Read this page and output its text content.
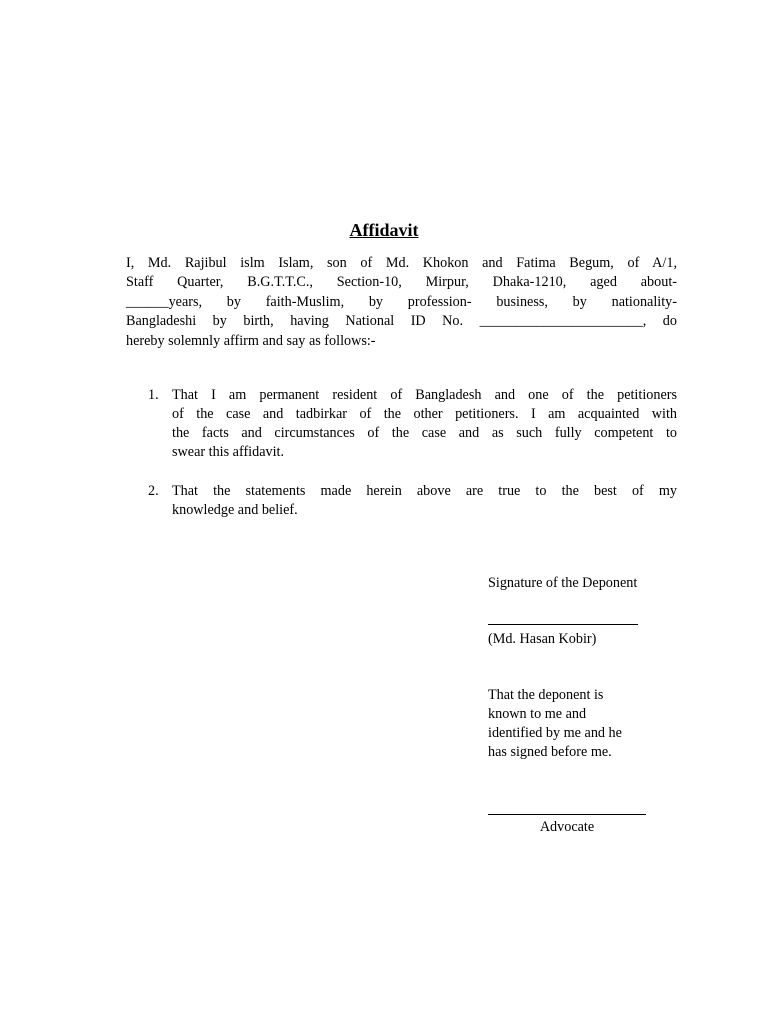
Affidavit
I, Md. Rajibul islm Islam, son of Md. Khokon and Fatima Begum, of A/1,
Staff Quarter, B.G.T.T.C., Section-10, Mirpur, Dhaka-1210, aged about-
______years, by faith-Muslim, by profession- business, by nationality-
Bangladeshi by birth, having National ID No. _______________________, do
hereby solemnly affirm and say as follows:-
1. That I am permanent resident of Bangladesh and one of the petitioners
of the case and tadbirkar of the other petitioners. I am acquainted with
the facts and circumstances of the case and as such fully competent to
swear this affidavit.
2. That the statements made herein above are true to the best of my
knowledge and belief.
Signature of the Deponent
(Md. Hasan Kobir)
That the deponent is
known to me and
identified by me and he
has signed before me.
Advocate
